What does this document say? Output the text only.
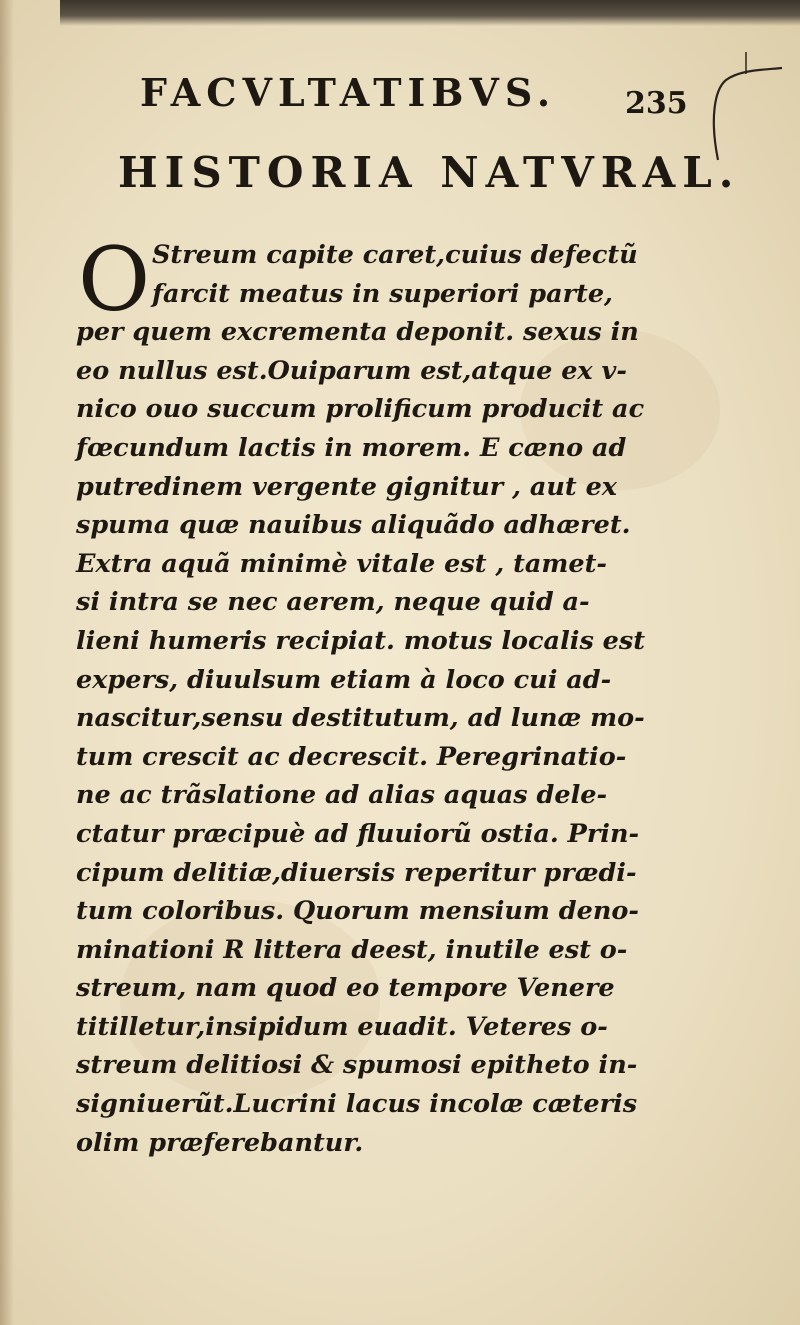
FACVLTATIBVS.	235
HISTORIA NATVRAL.
O Streum capite caret,cuius defectũ
farcit meatus in superiori parte,
per quem excrementa deponit. sexus in
eo nullus est.Ouiparum est,atque ex v-
nico ouo succum prolificum producit ac
fœcundum lactis in morem. E cæno ad
putredinem vergente gignitur , aut ex
spuma quæ nauibus aliquãdo adhæret.
Extra aquã minimè vitale est , tamet-
si intra se nec aerem, neque quid a-
lieni humeris recipiat. motus localis est
expers, diuulsum etiam à loco cui ad-
nascitur,sensu destitutum, ad lunæ mo-
tum crescit ac decrescit. Peregrinatio-
ne ac trãslatione ad alias aquas dele-
ctatur præcipuè ad fluuiorũ ostia. Prin-
cipum delitiæ,diuersis reperitur prædi-
tum coloribus. Quorum mensium deno-
minationi R littera deest, inutile est o-
streum, nam quod eo tempore Venere
titilletur,insipidum euadit. Veteres o-
streum delitiosi & spumosi epitheto in-
signiuerũt.Lucrini lacus incolæ cæteris
olim præferebantur.
